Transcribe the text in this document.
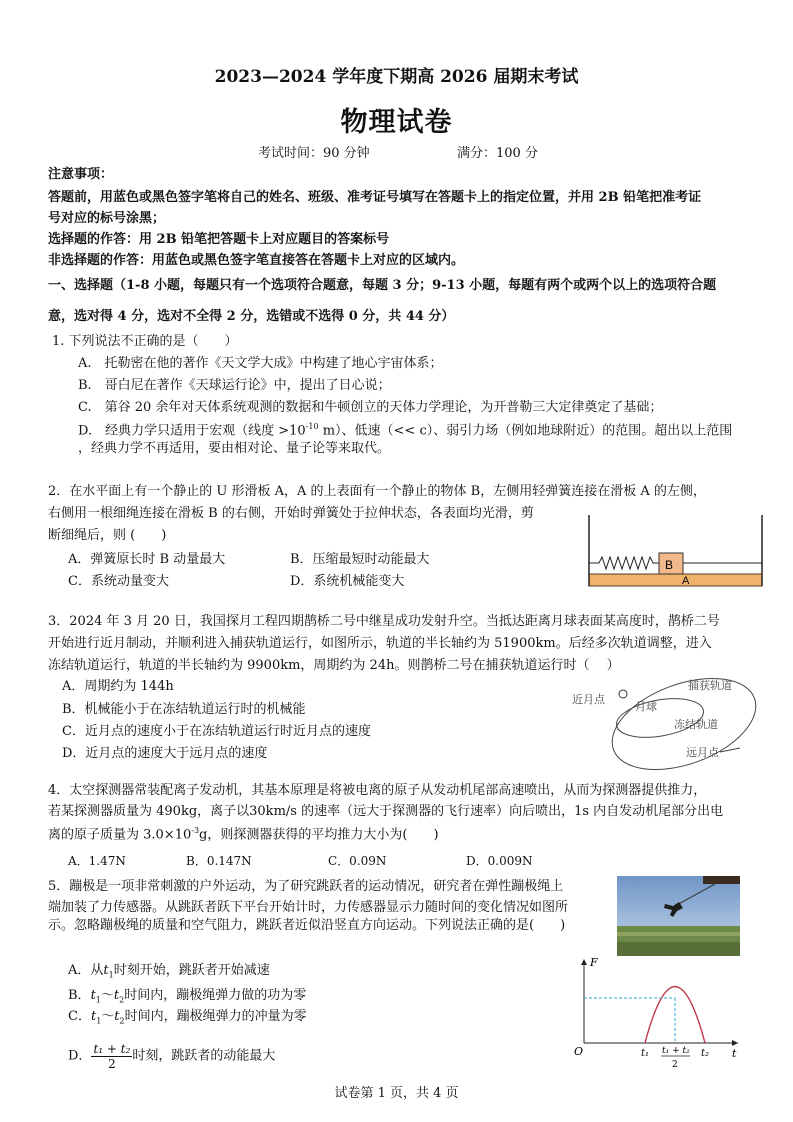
2023—2024 学年度下期高 2026 届期末考试
物理试卷
考试时间：90 分钟	满分：100 分
注意事项：
答题前，用蓝色或黑色签字笔将自己的姓名、班级、准考证号填写在答题卡上的指定位置，并用 2B 铅笔把准考证
号对应的标号涂黑；
选择题的作答：用 2B 铅笔把答题卡上对应题目的答案标号
非选择题的作答：用蓝色或黑色签字笔直接答在答题卡上对应的区域内。
一、选择题（1-8 小题，每题只有一个选项符合题意，每题 3 分；9-13 小题，每题有两个或两个以上的选项符合题
意，选对得 4 分，选对不全得 2 分，选错或不选得 0 分，共 44 分）
1. 下列说法不正确的是（　　）
A.　托勒密在他的著作《天文学大成》中构建了地心宇宙体系；
B.　哥白尼在著作《天球运行论》中，提出了日心说；
C.　第谷 20 余年对天体系统观测的数据和牛顿创立的天体力学理论，为开普勒三大定律奠定了基础；
D.　经典力学只适用于宏观（线度 $>10^{-10}$ m）、低速（<< c）、弱引力场（例如地球附近）的范围。超出以上范围
，经典力学不再适用，要由相对论、量子论等来取代。
2．在水平面上有一个静止的 U 形滑板 A，A 的上表面有一个静止的物体 B，左侧用轻弹簧连接在滑板 A 的左侧，
右侧用一根细绳连接在滑板 B 的右侧，开始时弹簧处于拉伸状态，各表面均光滑，剪
断细绳后，则 (　　)
A．弹簧原长时 B 动量最大	B．压缩最短时动能最大
C．系统动量变大	D．系统机械能变大
B
A
3．2024 年 3 月 20 日，我国探月工程四期鹊桥二号中继星成功发射升空。当抵达距离月球表面某高度时，鹊桥二号
开始进行近月制动，并顺利进入捕获轨道运行，如图所示，轨道的半长轴约为 51900km。后经多次轨道调整，进入
冻结轨道运行，轨道的半长轴约为 9900km，周期约为 24h。则鹊桥二号在捕获轨道运行时（　 ）
A．周期约为 144h
B．机械能小于在冻结轨道运行时的机械能
C．近月点的速度小于在冻结轨道运行时近月点的速度
D．近月点的速度大于远月点的速度
捕获轨道
近月点
月球
冻结轨道
远月点
4．太空探测器常装配离子发动机，其基本原理是将被电离的原子从发动机尾部高速喷出，从而为探测器提供推力，
若某探测器质量为 490kg，离子以30km/s 的速率（远大于探测器的飞行速率）向后喷出，1s 内自发动机尾部分出电
离的原子质量为 $3.0\times 10^{-3}g$，则探测器获得的平均推力大小为(　　)
A．1.47N	B．0.147N	C．0.09N	D．0.009N
5．蹦极是一项非常刺激的户外运动，为了研究跳跃者的运动情况，研究者在弹性蹦极绳上
端加装了力传感器。从跳跃者跃下平台开始计时，力传感器显示力随时间的变化情况如图所
示。忽略蹦极绳的质量和空气阻力，跳跃者近似沿竖直方向运动。下列说法正确的是(　　)
A．从$t_1$时刻开始，跳跃者开始减速
B．$t_1\sim t_2$时间内，蹦极绳弹力做的功为零
C．$t_1\sim t_2$时间内，蹦极绳弹力的冲量为零
D． $\frac{\text{t₁ + t₂}}{2}$ 时刻，跳跃者的动能最大
F
t
O	t₁	t₂
t₁ + t₂
2
试卷第 1 页，共 4 页
